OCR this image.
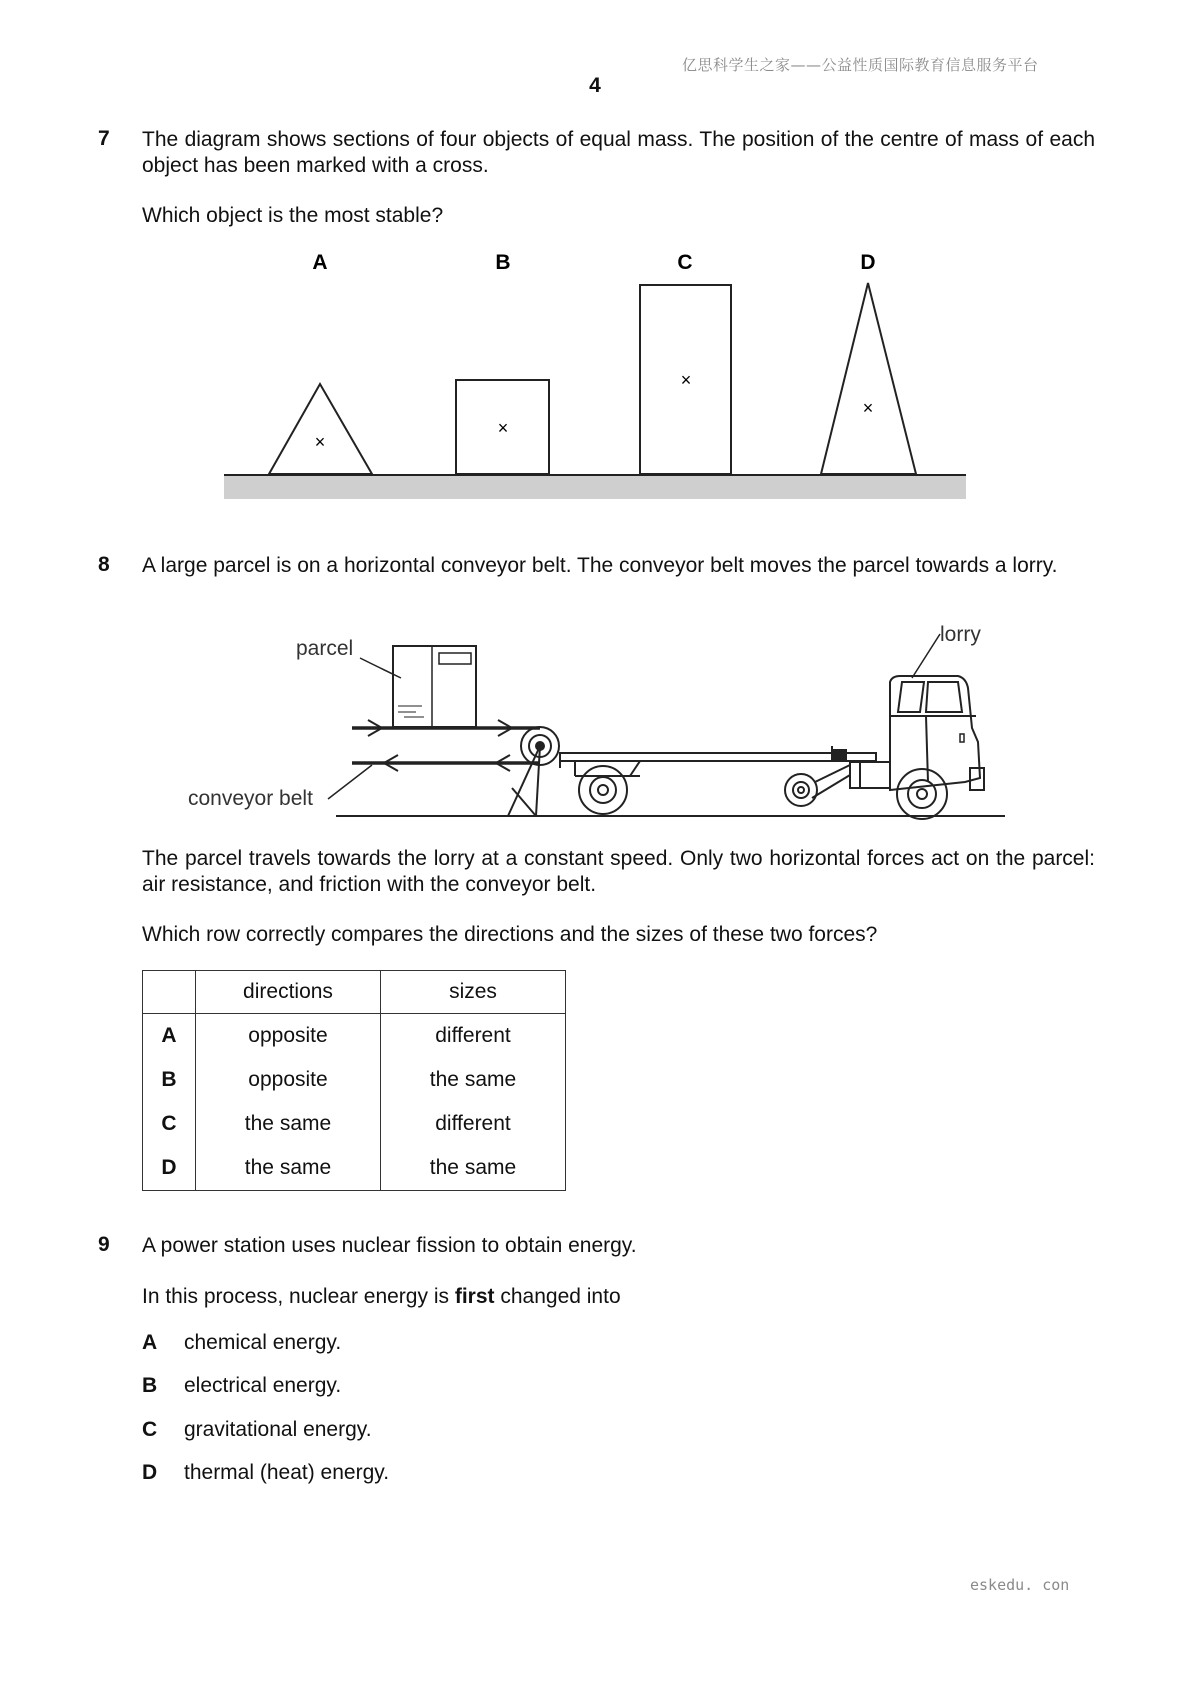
亿思科学生之家——公益性质国际教育信息服务平台
4
7 The diagram shows sections of four objects of equal mass. The position of the centre of mass of each object has been marked with a cross.
Which object is the most stable?
A	B	C	D
×
×
×
×
8 A large parcel is on a horizontal conveyor belt. The conveyor belt moves the parcel towards a lorry.
parcel
lorry
conveyor belt
The parcel travels towards the lorry at a constant speed. Only two horizontal forces act on the parcel: air resistance, and friction with the conveyor belt.
Which row correctly compares the directions and the sizes of these two forces?
	directions	sizes
A	opposite	different
B	opposite	the same
C	the same	different
D	the same	the same
9 A power station uses nuclear fission to obtain energy.
In this process, nuclear energy is first changed into
A chemical energy.
B electrical energy.
C gravitational energy.
D thermal (heat) energy.
eskedu. con
